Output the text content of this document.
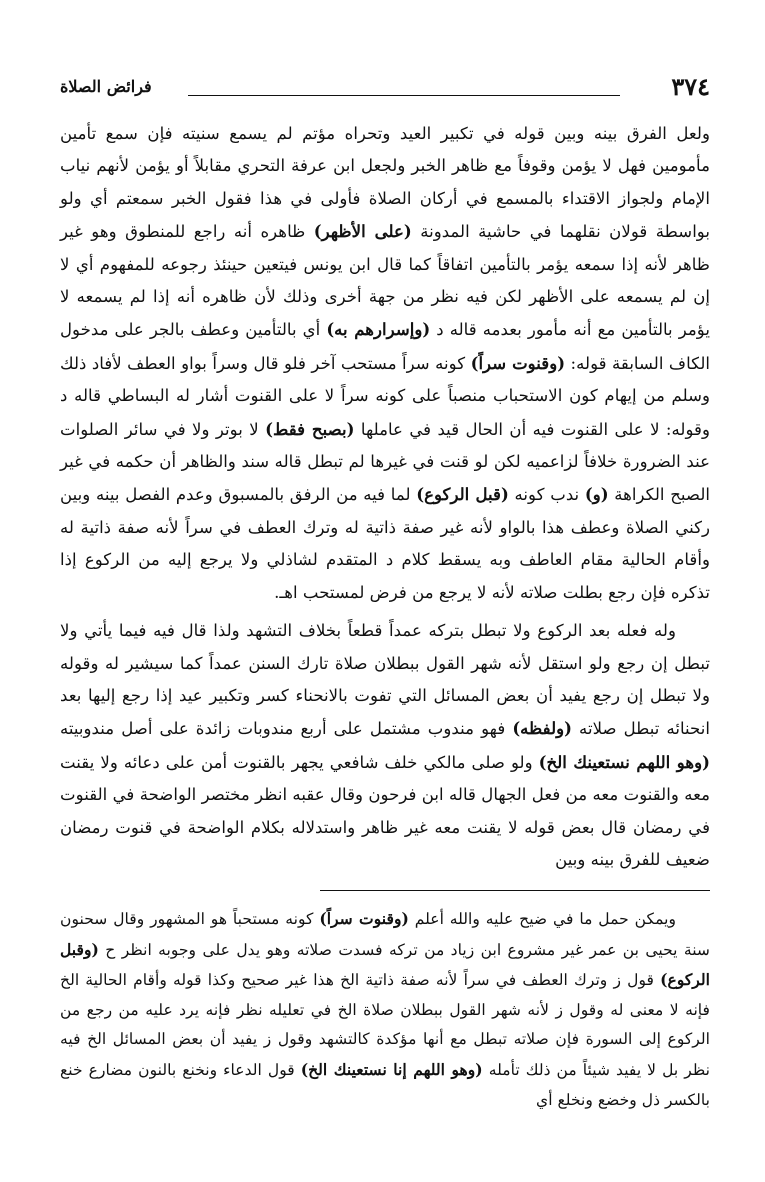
٣٧٤
فرائض الصلاة

ولعل الفرق بينه وبين قوله في تكبير العيد وتحراه مؤتم لم يسمع سنيته فإن سمع تأمين مأمومين فهل لا يؤمن وقوفاً مع ظاهر الخبر ولجعل ابن عرفة التحري مقابلاً أو يؤمن لأنهم نياب الإمام ولجواز الاقتداء بالمسمع في أركان الصلاة فأولى في هذا فقول الخبر سمعتم أي ولو بواسطة قولان نقلهما في حاشية المدونة (على الأظهر) ظاهره أنه راجع للمنطوق وهو غير ظاهر لأنه إذا سمعه يؤمر بالتأمين اتفاقاً كما قال ابن يونس فيتعين حينئذ رجوعه للمفهوم أي لا إن لم يسمعه على الأظهر لكن فيه نظر من جهة أخرى وذلك لأن ظاهره أنه إذا لم يسمعه لا يؤمر بالتأمين مع أنه مأمور بعدمه قاله د (وإسرارهم به) أي بالتأمين وعطف بالجر على مدخول الكاف السابقة قوله: (وقنوت سراً) كونه سراً مستحب آخر فلو قال وسراً بواو العطف لأفاد ذلك وسلم من إيهام كون الاستحباب منصباً على كونه سراً لا على القنوت أشار له البساطي قاله د وقوله: لا على القنوت فيه أن الحال قيد في عاملها (بصبح فقط) لا بوتر ولا في سائر الصلوات عند الضرورة خلافاً لزاعميه لكن لو قنت في غيرها لم تبطل قاله سند والظاهر أن حكمه في غير الصبح الكراهة (و) ندب كونه (قبل الركوع) لما فيه من الرفق بالمسبوق وعدم الفصل بينه وبين ركني الصلاة وعطف هذا بالواو لأنه غير صفة ذاتية له وترك العطف في سراً لأنه صفة ذاتية له وأقام الحالية مقام العاطف وبه يسقط كلام د المتقدم لشاذلي ولا يرجع إليه من الركوع إذا تذكره فإن رجع بطلت صلاته لأنه لا يرجع من فرض لمستحب اهـ.

وله فعله بعد الركوع ولا تبطل بتركه عمداً قطعاً بخلاف التشهد ولذا قال فيه فيما يأتي ولا تبطل إن رجع ولو استقل لأنه شهر القول ببطلان صلاة تارك السنن عمداً كما سيشير له وقوله ولا تبطل إن رجع يفيد أن بعض المسائل التي تفوت بالانحناء كسر وتكبير عيد إذا رجع إليها بعد انحنائه تبطل صلاته (ولفظه) فهو مندوب مشتمل على أربع مندوبات زائدة على أصل مندوبيته (وهو اللهم نستعينك الخ) ولو صلى مالكي خلف شافعي يجهر بالقنوت أمن على دعائه ولا يقنت معه والقنوت معه من فعل الجهال قاله ابن فرحون وقال عقبه انظر مختصر الواضحة في القنوت في رمضان قال بعض قوله لا يقنت معه غير ظاهر واستدلاله بكلام الواضحة في قنوت رمضان ضعيف للفرق بينه وبين

ويمكن حمل ما في ضيح عليه والله أعلم (وقنوت سراً) كونه مستحباً هو المشهور وقال سحنون سنة يحيى بن عمر غير مشروع ابن زياد من تركه فسدت صلاته وهو يدل على وجوبه انظر ح (وقبل الركوع) قول ز وترك العطف في سراً لأنه صفة ذاتية الخ هذا غير صحيح وكذا قوله وأقام الحالية الخ فإنه لا معنى له وقول ز لأنه شهر القول ببطلان صلاة الخ في تعليله نظر فإنه يرد عليه من رجع من الركوع إلى السورة فإن صلاته تبطل مع أنها مؤكدة كالتشهد وقول ز يفيد أن بعض المسائل الخ فيه نظر بل لا يفيد شيئاً من ذلك تأمله (وهو اللهم إنا نستعينك الخ) قول الدعاء ونخنع بالنون مضارع خنع بالكسر ذل وخضع ونخلع أي
